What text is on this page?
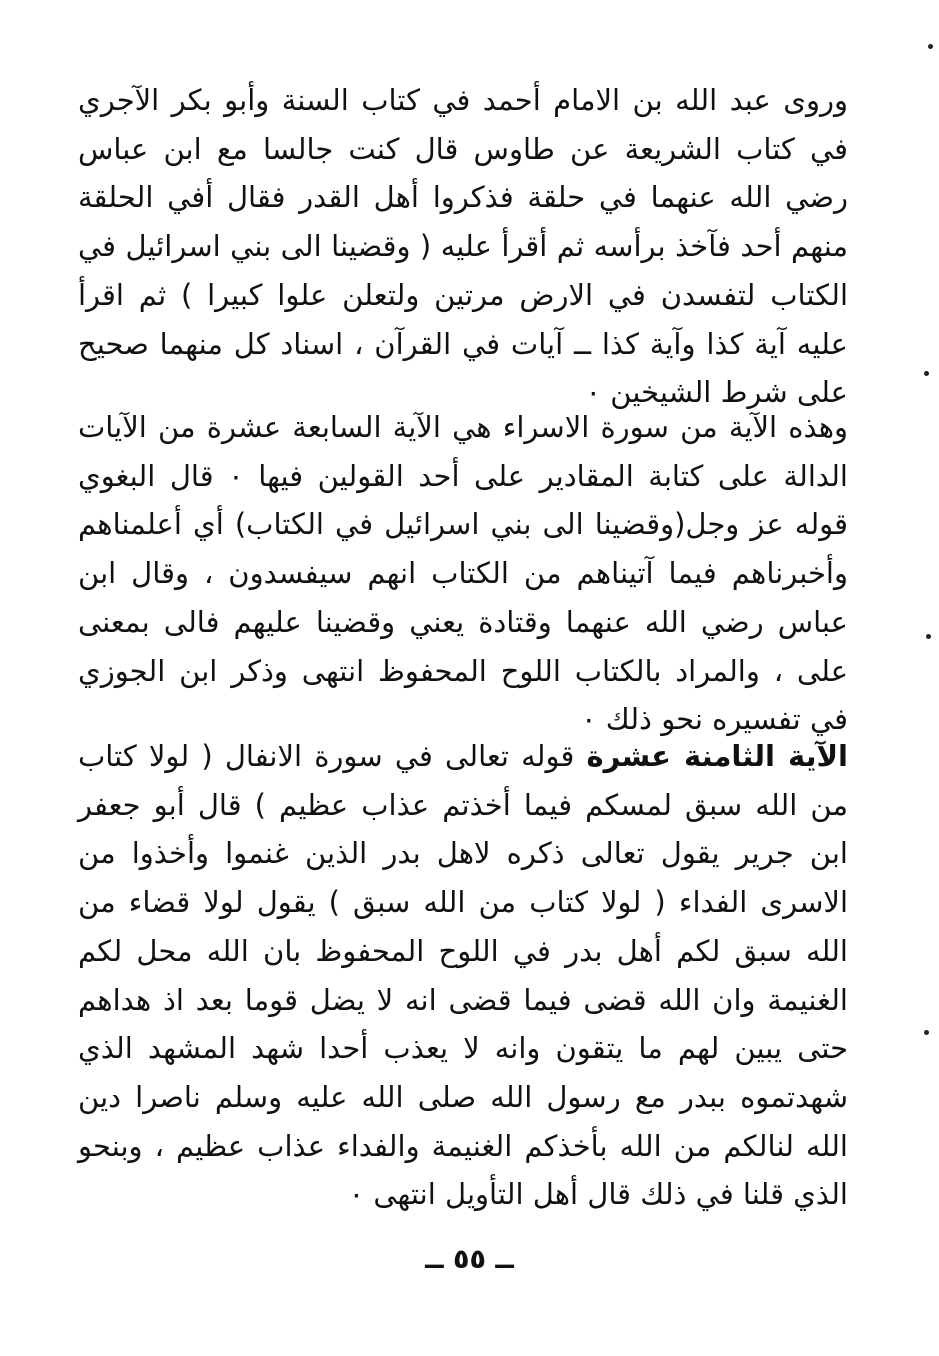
وروى عبد الله بن الامام أحمد في كتاب السنة وأبو بكر الآجري في كتاب الشريعة عن طاوس قال كنت جالسا مع ابن عباس رضي الله عنهما في حلقة فذكروا أهل القدر فقال أفي الحلقة منهم أحد فآخذ برأسه ثم أقرأ عليه ( وقضينا الى بني اسرائيل في الكتاب لتفسدن في الارض مرتين ولتعلن علوا كبيرا ) ثم اقرأ عليه آية كذا وآية كذا ــ آيات في القرآن ، اسناد كل منهما صحيح على شرط الشيخين ٠

وهذه الآية من سورة الاسراء هي الآية السابعة عشرة من الآيات الدالة على كتابة المقادير على أحد القولين فيها ٠ قال البغوي قوله عز وجل(وقضينا الى بني اسرائيل في الكتاب) أي أعلمناهم وأخبرناهم فيما آتيناهم من الكتاب انهم سيفسدون ، وقال ابن عباس رضي الله عنهما وقتادة يعني وقضينا عليهم فالى بمعنى على ، والمراد بالكتاب اللوح المحفوظ انتهى وذكر ابن الجوزي في تفسيره نحو ذلك ٠

الآية الثامنة عشرة قوله تعالى في سورة الانفال ( لولا كتاب من الله سبق لمسكم فيما أخذتم عذاب عظيم ) قال أبو جعفر ابن جرير يقول تعالى ذكره لاهل بدر الذين غنموا وأخذوا من الاسرى الفداء ( لولا كتاب من الله سبق ) يقول لولا قضاء من الله سبق لكم أهل بدر في اللوح المحفوظ بان الله محل لكم الغنيمة وان الله قضى فيما قضى انه لا يضل قوما بعد اذ هداهم حتى يبين لهم ما يتقون وانه لا يعذب أحدا شهد المشهد الذي شهدتموه ببدر مع رسول الله صلى الله عليه وسلم ناصرا دين الله لنالكم من الله بأخذكم الغنيمة والفداء عذاب عظيم ، وبنحو الذي قلنا في ذلك قال أهل التأويل انتهى ٠

ــ ٥٥ ــ
